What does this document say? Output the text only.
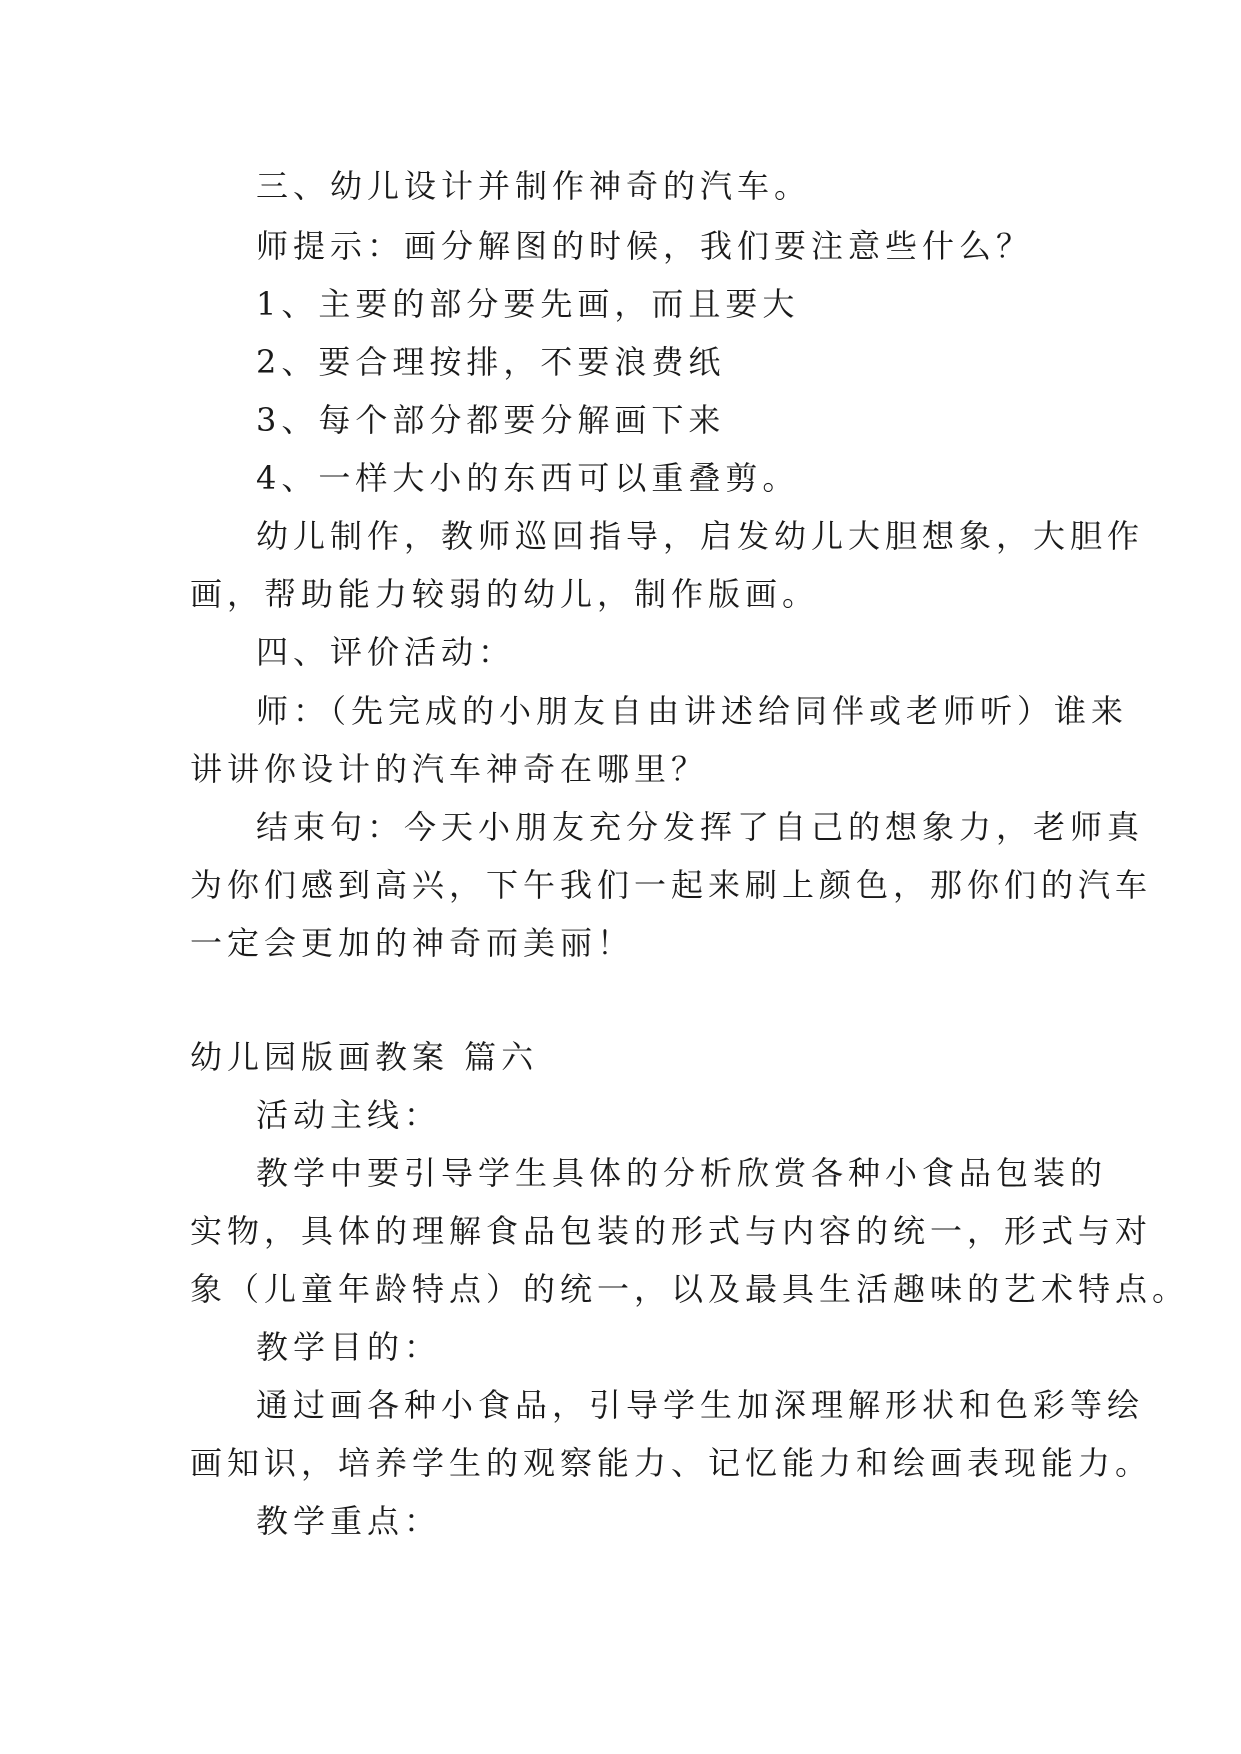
三、幼儿设计并制作神奇的汽车。
师提示：画分解图的时候，我们要注意些什么？
1、主要的部分要先画，而且要大
2、要合理按排，不要浪费纸
3、每个部分都要分解画下来
4、一样大小的东西可以重叠剪。
幼儿制作，教师巡回指导，启发幼儿大胆想象，大胆作
画，帮助能力较弱的幼儿，制作版画。
四、评价活动：
师：（先完成的小朋友自由讲述给同伴或老师听）谁来
讲讲你设计的汽车神奇在哪里？
结束句：今天小朋友充分发挥了自己的想象力，老师真
为你们感到高兴，下午我们一起来刷上颜色，那你们的汽车
一定会更加的神奇而美丽！
幼儿园版画教案 篇六
活动主线：
教学中要引导学生具体的分析欣赏各种小食品包装的
实物，具体的理解食品包装的形式与内容的统一，形式与对
象（儿童年龄特点）的统一，以及最具生活趣味的艺术特点。
教学目的：
通过画各种小食品，引导学生加深理解形状和色彩等绘
画知识，培养学生的观察能力、记忆能力和绘画表现能力。
教学重点：
